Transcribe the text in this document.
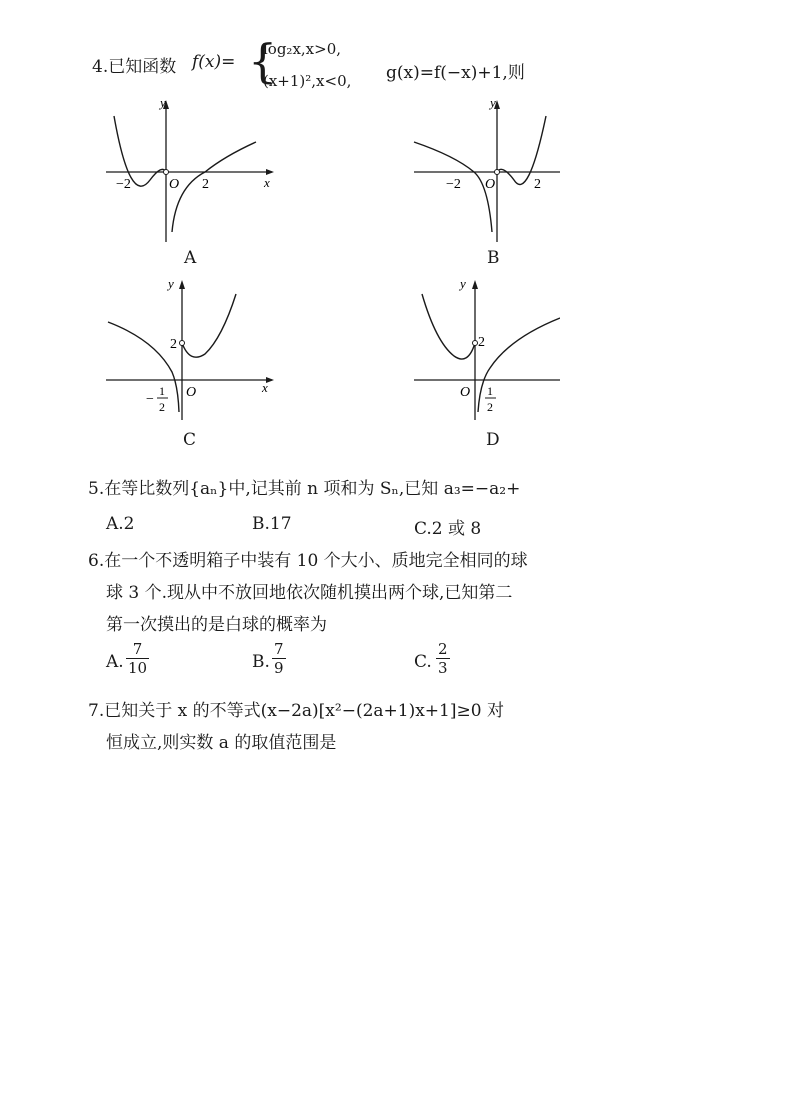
4.已知函数 f(x)= {
log₂x,x>0,
(x+1)²,x<0, g(x)=f(−x)+1,则
y
x
−2	O 2
A
y
−2 O	2
B
y
x
2
−
1
2
O
C
y
2
O 1
2
D
5.在等比数列{aₙ}中,记其前 n 项和为 Sₙ,已知 a₃=−a₂+
A.2	B.17	C.2 或 8
6.在一个不透明箱子中装有 10 个大小、质地完全相同的球
球 3 个.现从中不放回地依次随机摸出两个球,已知第二
第一次摸出的是白球的概率为
A. $\frac{7}{10}$	B. $\frac{7}{9}$	C. $\frac{2}{3}$
7.已知关于 x 的不等式(x−2a)[x²−(2a+1)x+1]≥0 对
恒成立,则实数 a 的取值范围是
